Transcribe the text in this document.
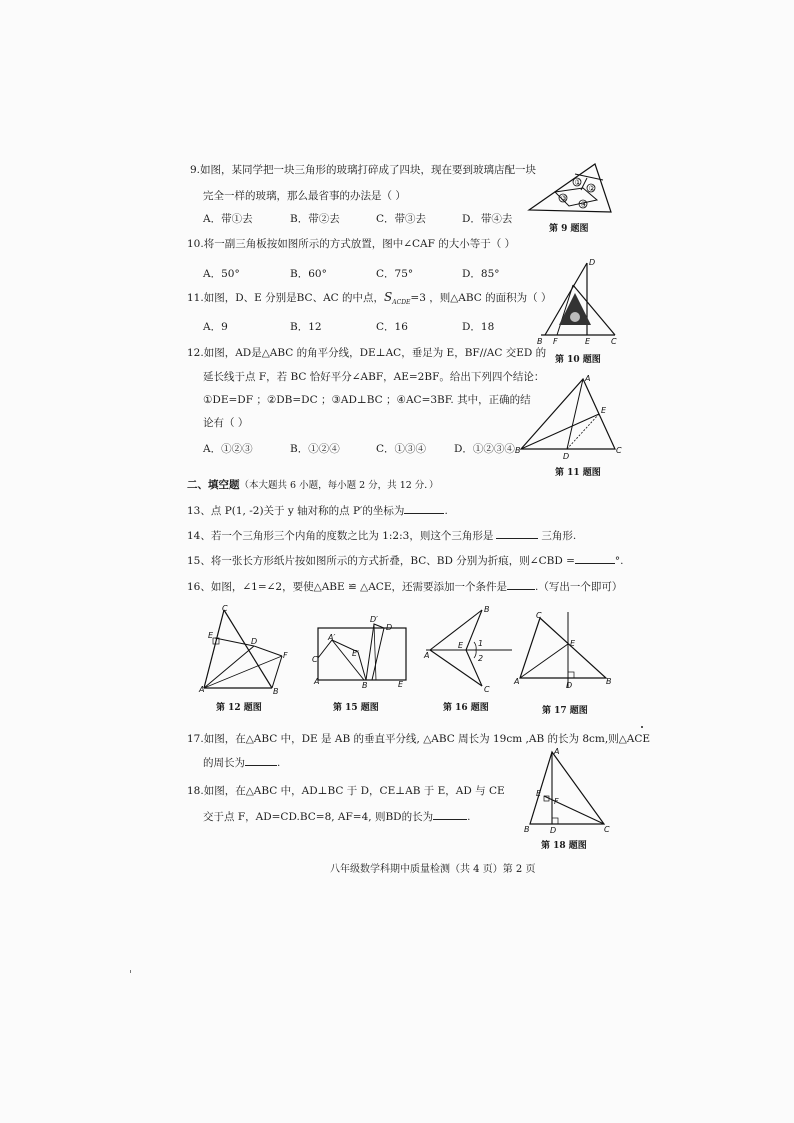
9.如图，某同学把一块三角形的玻璃打碎成了四块，现在要到玻璃店配一块
完全一样的玻璃，那么最省事的办法是（ ）
A．带①去	B．带②去	C．带③去	D．带④去
①
②
③
④
第 9 题图
10.将一副三角板按如图所示的方式放置，图中∠CAF 的大小等于（ ）
A．50°	B．60°	C．75°	D．85°
D
B F	E	C
第 10 题图
11.如图，D、E 分别是BC、AC 的中点，$S_{ACDE}=3$ ，则△ABC 的面积为（ ）
A．9	B．12	C．16	D．18
12.如图，AD是△ABC 的角平分线，DE⊥AC，垂足为 E，BF//AC 交ED 的
延长线于点 F，若 BC 恰好平分∠ABF，AE=2BF。给出下列四个结论：
①DE=DF ；②DB=DC ；③AD⊥BC ；④AC=3BF. 其中，正确的结
论有（ ）
A．①②③	B．①②④	C．①③④	D．①②③④
A
B	C
D
E
第 11 题图
二、填空题（本大题共 6 小题，每小题 2 分，共 12 分．）
13、点 P(1, -2)关于 y 轴对称的点 P′的坐标为	.
14、若一个三角形三个内角的度数之比为 1:2:3，则这个三角形是	三角形.
15、将一张长方形纸片按如图所示的方式折叠，BC、BD 分别为折痕，则∠CBD =	°.
16、如图，∠1=∠2，要使△ABE ≌ △ACE，还需要添加一个条件是	.（写出一个即可）
C
E
D
F
A	B
第 12 题图
D′
D
A′
E′
C
A	B	E
第 15 题图
B
A
E
C
1
2
第 16 题图
C
E
A	D	B
第 17 题图
17.如图，在△ABC 中，DE 是 AB 的垂直平分线, △ABC 周长为 19cm ,AB 的长为 8cm,则△ACE
的周长为	.
18.如图，在△ABC 中，AD⊥BC 于 D，CE⊥AB 于 E，AD 与 CE
交于点 F，AD=CD.BC=8, AF=4, 则BD的长为	.
A
E
F
B	D	C
第 18 题图
八年级数学科期中质量检测（共 4 页）第 2 页
